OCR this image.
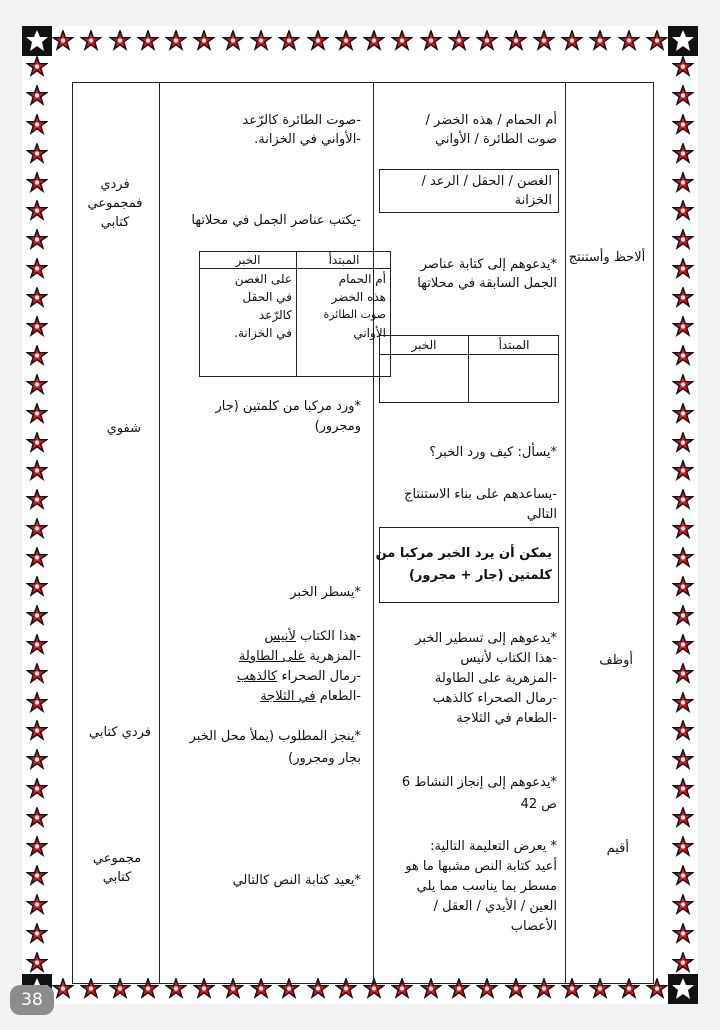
ألاحظ وأستنتج
أوظف
أقيم
أم الحمام / هذه الخضر /
صوت الطائرة / الأواني
الغصن / الحقل / الرعد /
الخزانة
*يدعوهم إلى كتابة عناصر
الجمل السابقة في محلاتها
المبتدأ
الخبر
*يسأل: كيف ورد الخبر؟
-يساعدهم على بناء الاستنتاج
التالي
يمكن أن يرد الخبر مركبا من
كلمتين (جار + مجرور)
*يدعوهم إلى تسطير الخبر
-هذا الكتاب لأنيس
-المزهرية على الطاولة
-رمال الصحراء كالذهب
-الطعام في الثلاجة
*يدعوهم إلى إنجاز النشاط 6
ص 42
* يعرض التعليمة التالية:
أعيد كتابة النص مشبها ما هو
مسطر بما يناسب مما يلي
العين / الأيدي / العقل /
الأعصاب
-صوت الطائرة كالرّعد
-الأواني في الخزانة.
-يكتب عناصر الجمل في محلاتها
المبتدأ
الخبر
أم الحمام
هذه الخضر
صوت الطائرة
الأواني
على الغصن
في الحقل
كالرّعد
في الخزانة.
*ورد مركبا من كلمتين (جار
ومجرور)
*يسطر الخبر
-هذا الكتاب لأنيس
-المزهرية على الطاولة
-رمال الصحراء كالذهب
-الطعام في الثلاجة
*ينجز المطلوب (يملأ محل الخبر
بجار ومجرور)
*يعيد كتابة النص كالتالي
فردي فمجموعي كتابي
شفوي
فردي كتابي
مجموعي كتابي
38
